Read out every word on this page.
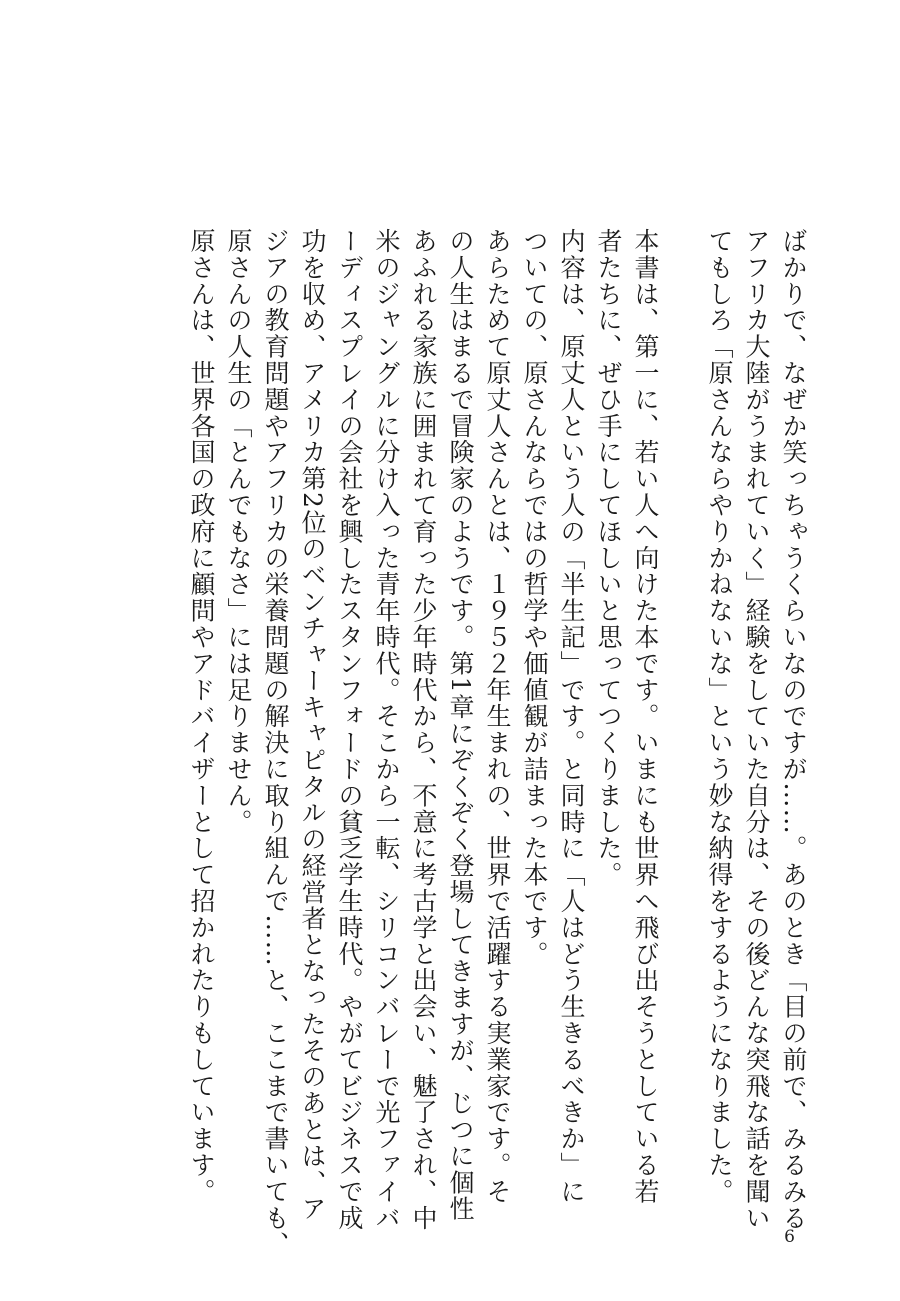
ばかりで、なぜか笑っちゃうくらいなのですが……。あのとき「目の前で、みるみる
アフリカ大陸がうまれていく」経験をしていた自分は、その後どんな突飛な話を聞い
てもしろ「原さんならやりかねないな」という妙な納得をするようになりました。
本書は、第一に、若い人へ向けた本です。いまにも世界へ飛び出そうとしている若
者たちに、ぜひ手にしてほしいと思ってつくりました。
内容は、原丈人という人の「半生記」です。と同時に「人はどう生きるべきか」に
ついての、原さんならではの哲学や価値観が詰まった本です。
あらためて原丈人さんとは、１９５２年生まれの、世界で活躍する実業家です。そ
の人生はまるで冒険家のようです。第1章にぞくぞく登場してきますが、じつに個性
あふれる家族に囲まれて育った少年時代から、不意に考古学と出会い、魅了され、中
米のジャングルに分け入った青年時代。そこから一転、シリコンバレーで光ファイバ
ーディスプレイの会社を興したスタンフォードの貧乏学生時代。やがてビジネスで成
功を収め、アメリカ第2位のベンチャーキャピタルの経営者となったそのあとは、ア
ジアの教育問題やアフリカの栄養問題の解決に取り組んで……と、ここまで書いても、
原さんの人生の「とんでもなさ」には足りません。
原さんは、世界各国の政府に顧問やアドバイザーとして招かれたりもしています。
6
